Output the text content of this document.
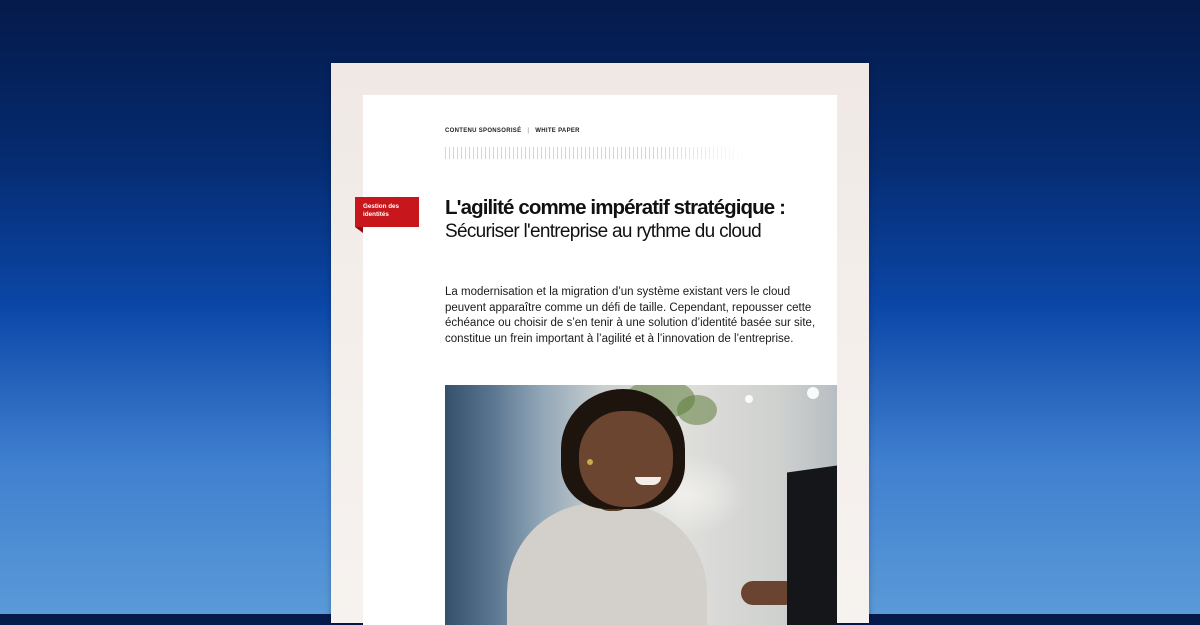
CONTENU SPONSORISÉ | WHITE PAPER
Gestion des identités	L'agilité comme impératif stratégique :
Sécuriser l'entreprise au rythme du cloud

La modernisation et la migration d’un système existant vers le cloud peuvent apparaître comme un défi de taille. Cependant, repousser cette échéance ou choisir de s’en tenir à une solution d’identité basée sur site, constitue un frein important à l’agilité et à l’innovation de l’entreprise.
